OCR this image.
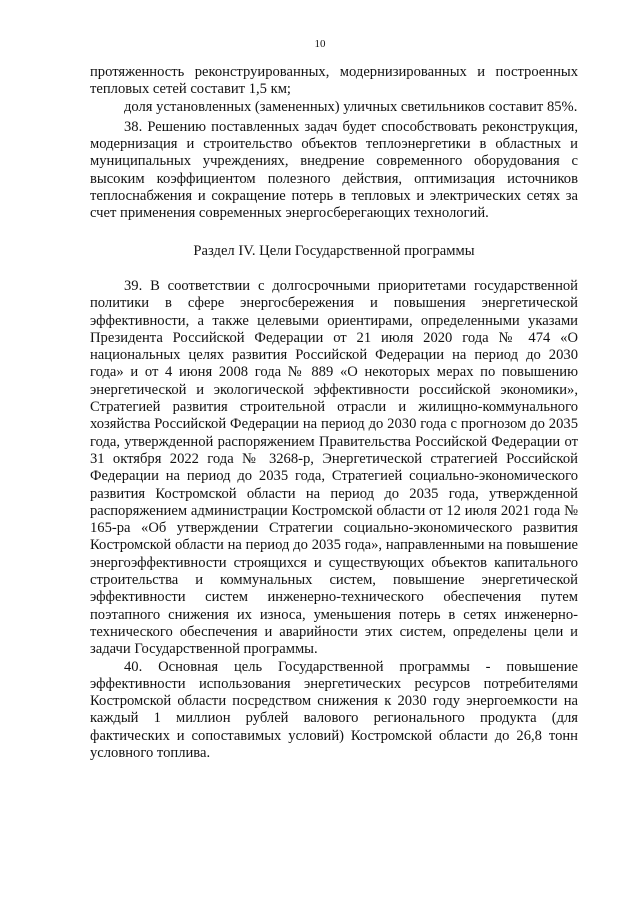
10

протяженность реконструированных, модернизированных и построенных тепловых сетей составит 1,5 км;

доля установленных (замененных) уличных светильников составит 85%.

38. Решению поставленных задач будет способствовать реконструкция, модернизация и строительство объектов теплоэнергетики в областных и муниципальных учреждениях, внедрение современного оборудования с высоким коэффициентом полезного действия, оптимизация источников теплоснабжения и сокращение потерь в тепловых и электрических сетях за счет применения современных энергосберегающих технологий.

Раздел IV. Цели Государственной программы

39. В соответствии с долгосрочными приоритетами государственной политики в сфере энергосбережения и повышения энергетической эффективности, а также целевыми ориентирами, определенными указами Президента Российской Федерации от 21 июля 2020 года № 474 «О национальных целях развития Российской Федерации на период до 2030 года» и от 4 июня 2008 года № 889 «О некоторых мерах по повышению энергетической и экологической эффективности российской экономики», Стратегией развития строительной отрасли и жилищно-коммунального хозяйства Российской Федерации на период до 2030 года с прогнозом до 2035 года, утвержденной распоряжением Правительства Российской Федерации от 31 октября 2022 года № 3268-р, Энергетической стратегией Российской Федерации на период до 2035 года, Стратегией социально-экономического развития Костромской области на период до 2035 года, утвержденной распоряжением администрации Костромской области от 12 июля 2021 года № 165-ра «Об утверждении Стратегии социально-экономического развития Костромской области на период до 2035 года», направленными на повышение энергоэффективности строящихся и существующих объектов капитального строительства и коммунальных систем, повышение энергетической эффективности систем инженерно-технического обеспечения путем поэтапного снижения их износа, уменьшения потерь в сетях инженерно-технического обеспечения и аварийности этих систем, определены цели и задачи Государственной программы.

40. Основная цель Государственной программы - повышение эффективности использования энергетических ресурсов потребителями Костромской области посредством снижения к 2030 году энергоемкости на каждый 1 миллион рублей валового регионального продукта (для фактических и сопоставимых условий) Костромской области до 26,8 тонн условного топлива.
